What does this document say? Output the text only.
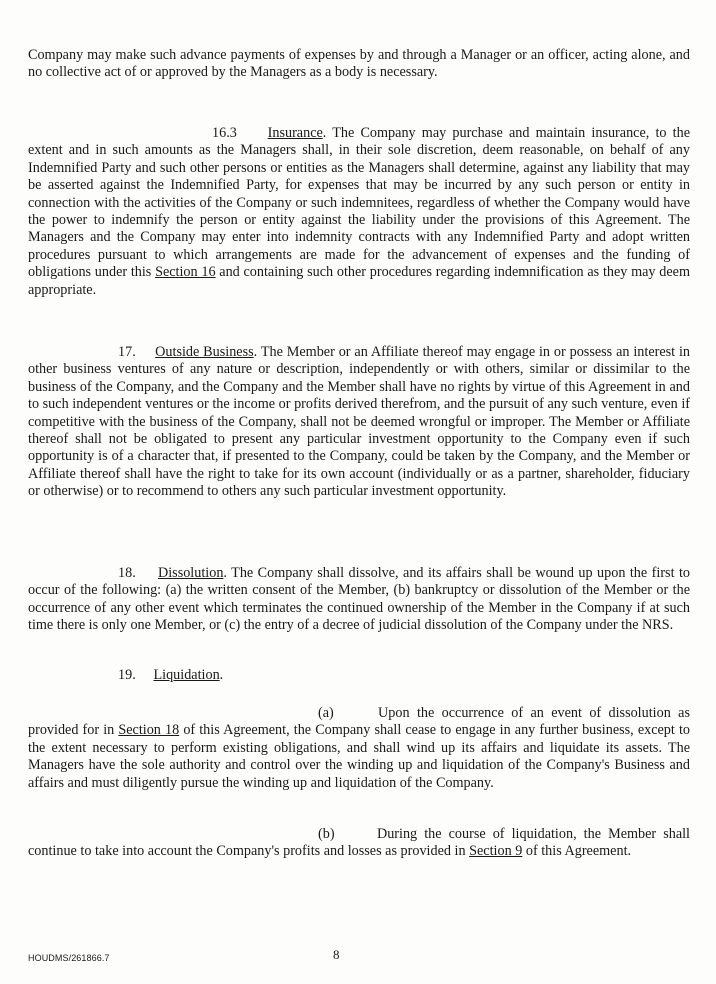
Company may make such advance payments of expenses by and through a Manager or an officer, acting alone, and no collective act of or approved by the Managers as a body is necessary.

16.3 Insurance. The Company may purchase and maintain insurance, to the extent and in such amounts as the Managers shall, in their sole discretion, deem reasonable, on behalf of any Indemnified Party and such other persons or entities as the Managers shall determine, against any liability that may be asserted against the Indemnified Party, for expenses that may be incurred by any such person or entity in connection with the activities of the Company or such indemnitees, regardless of whether the Company would have the power to indemnify the person or entity against the liability under the provisions of this Agreement. The Managers and the Company may enter into indemnity contracts with any Indemnified Party and adopt written procedures pursuant to which arrangements are made for the advancement of expenses and the funding of obligations under this Section 16 and containing such other procedures regarding indemnification as they may deem appropriate.

17. Outside Business. The Member or an Affiliate thereof may engage in or possess an interest in other business ventures of any nature or description, independently or with others, similar or dissimilar to the business of the Company, and the Company and the Member shall have no rights by virtue of this Agreement in and to such independent ventures or the income or profits derived therefrom, and the pursuit of any such venture, even if competitive with the business of the Company, shall not be deemed wrongful or improper. The Member or Affiliate thereof shall not be obligated to present any particular investment opportunity to the Company even if such opportunity is of a character that, if presented to the Company, could be taken by the Company, and the Member or Affiliate thereof shall have the right to take for its own account (individually or as a partner, shareholder, fiduciary or otherwise) or to recommend to others any such particular investment opportunity.

18. Dissolution. The Company shall dissolve, and its affairs shall be wound up upon the first to occur of the following: (a) the written consent of the Member, (b) bankruptcy or dissolution of the Member or the occurrence of any other event which terminates the continued ownership of the Member in the Company if at such time there is only one Member, or (c) the entry of a decree of judicial dissolution of the Company under the NRS.

19. Liquidation.

(a)	Upon the occurrence of an event of dissolution as provided for in Section 18 of this Agreement, the Company shall cease to engage in any further business, except to the extent necessary to perform existing obligations, and shall wind up its affairs and liquidate its assets. The Managers have the sole authority and control over the winding up and liquidation of the Company's Business and affairs and must diligently pursue the winding up and liquidation of the Company.

(b)	During the course of liquidation, the Member shall continue to take into account the Company's profits and losses as provided in Section 9 of this Agreement.

HOUDMS/261866.7	8
